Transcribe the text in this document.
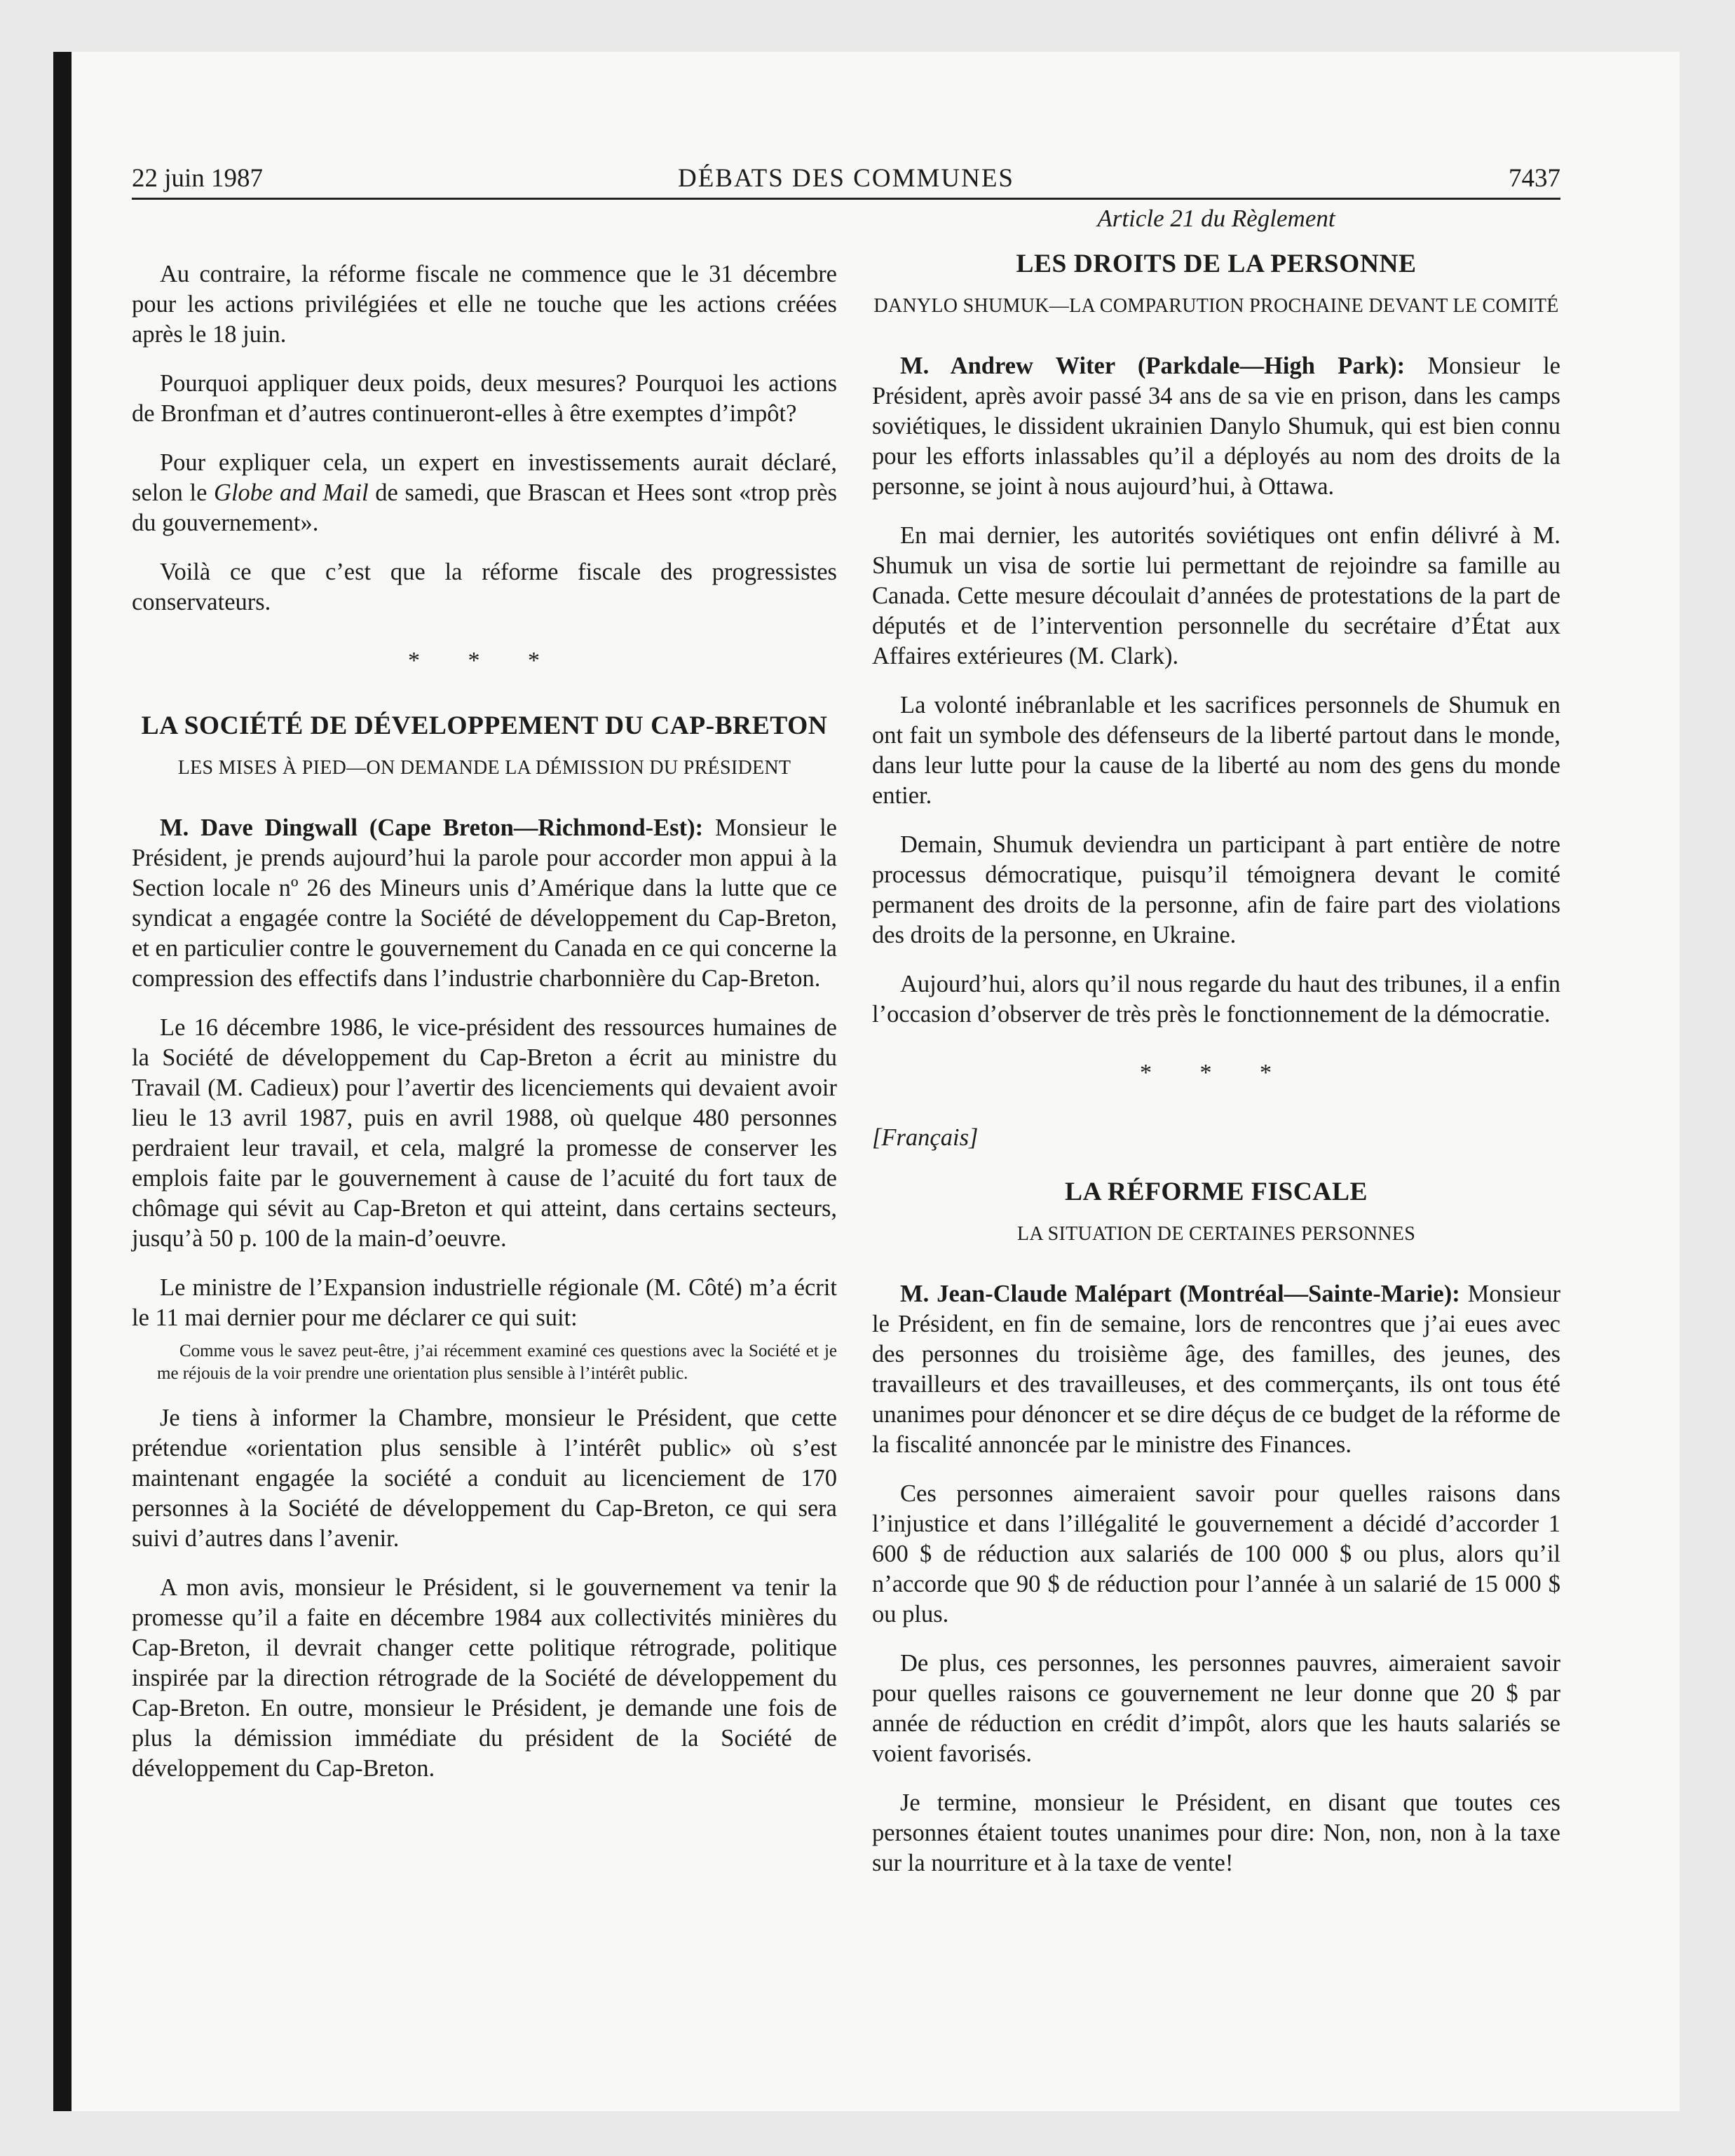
22 juin 1987	DÉBATS DES COMMUNES	7437

Au contraire, la réforme fiscale ne commence que le 31 décembre pour les actions privilégiées et elle ne touche que les actions créées après le 18 juin.

Pourquoi appliquer deux poids, deux mesures? Pourquoi les actions de Bronfman et d’autres continueront-elles à être exemptes d’impôt?

Pour expliquer cela, un expert en investissements aurait déclaré, selon le Globe and Mail de samedi, que Brascan et Hees sont «trop près du gouvernement».

Voilà ce que c’est que la réforme fiscale des progressistes conservateurs.

* * *
LA SOCIÉTÉ DE DÉVELOPPEMENT DU CAP-BRETON
LES MISES À PIED—ON DEMANDE LA DÉMISSION DU PRÉSIDENT

M. Dave Dingwall (Cape Breton—Richmond-Est): Monsieur le Président, je prends aujourd’hui la parole pour accorder mon appui à la Section locale nº 26 des Mineurs unis d’Amérique dans la lutte que ce syndicat a engagée contre la Société de développement du Cap-Breton, et en particulier contre le gouvernement du Canada en ce qui concerne la compression des effectifs dans l’industrie charbonnière du Cap-Breton.

Le 16 décembre 1986, le vice-président des ressources humaines de la Société de développement du Cap-Breton a écrit au ministre du Travail (M. Cadieux) pour l’avertir des licenciements qui devaient avoir lieu le 13 avril 1987, puis en avril 1988, où quelque 480 personnes perdraient leur travail, et cela, malgré la promesse de conserver les emplois faite par le gouvernement à cause de l’acuité du fort taux de chômage qui sévit au Cap-Breton et qui atteint, dans certains secteurs, jusqu’à 50 p. 100 de la main-d’oeuvre.

Le ministre de l’Expansion industrielle régionale (M. Côté) m’a écrit le 11 mai dernier pour me déclarer ce qui suit:

Comme vous le savez peut-être, j’ai récemment examiné ces questions avec la Société et je me réjouis de la voir prendre une orientation plus sensible à l’intérêt public.

Je tiens à informer la Chambre, monsieur le Président, que cette prétendue «orientation plus sensible à l’intérêt public» où s’est maintenant engagée la société a conduit au licenciement de 170 personnes à la Société de développement du Cap-Breton, ce qui sera suivi d’autres dans l’avenir.

A mon avis, monsieur le Président, si le gouvernement va tenir la promesse qu’il a faite en décembre 1984 aux collectivités minières du Cap-Breton, il devrait changer cette politique rétrograde, politique inspirée par la direction rétrograde de la Société de développement du Cap-Breton. En outre, monsieur le Président, je demande une fois de plus la démission immédiate du président de la Société de développement du Cap-Breton.

Article 21 du Règlement
LES DROITS DE LA PERSONNE
DANYLO SHUMUK—LA COMPARUTION PROCHAINE DEVANT LE COMITÉ

M. Andrew Witer (Parkdale—High Park): Monsieur le Président, après avoir passé 34 ans de sa vie en prison, dans les camps soviétiques, le dissident ukrainien Danylo Shumuk, qui est bien connu pour les efforts inlassables qu’il a déployés au nom des droits de la personne, se joint à nous aujourd’hui, à Ottawa.

En mai dernier, les autorités soviétiques ont enfin délivré à M. Shumuk un visa de sortie lui permettant de rejoindre sa famille au Canada. Cette mesure découlait d’années de protestations de la part de députés et de l’intervention personnelle du secrétaire d’État aux Affaires extérieures (M. Clark).

La volonté inébranlable et les sacrifices personnels de Shumuk en ont fait un symbole des défenseurs de la liberté partout dans le monde, dans leur lutte pour la cause de la liberté au nom des gens du monde entier.

Demain, Shumuk deviendra un participant à part entière de notre processus démocratique, puisqu’il témoignera devant le comité permanent des droits de la personne, afin de faire part des violations des droits de la personne, en Ukraine.

Aujourd’hui, alors qu’il nous regarde du haut des tribunes, il a enfin l’occasion d’observer de très près le fonctionnement de la démocratie.

* * *
[Français]
LA RÉFORME FISCALE
LA SITUATION DE CERTAINES PERSONNES

M. Jean-Claude Malépart (Montréal—Sainte-Marie): Monsieur le Président, en fin de semaine, lors de rencontres que j’ai eues avec des personnes du troisième âge, des familles, des jeunes, des travailleurs et des travailleuses, et des commerçants, ils ont tous été unanimes pour dénoncer et se dire déçus de ce budget de la réforme de la fiscalité annoncée par le ministre des Finances.

Ces personnes aimeraient savoir pour quelles raisons dans l’injustice et dans l’illégalité le gouvernement a décidé d’accorder 1 600 $ de réduction aux salariés de 100 000 $ ou plus, alors qu’il n’accorde que 90 $ de réduction pour l’année à un salarié de 15 000 $ ou plus.

De plus, ces personnes, les personnes pauvres, aimeraient savoir pour quelles raisons ce gouvernement ne leur donne que 20 $ par année de réduction en crédit d’impôt, alors que les hauts salariés se voient favorisés.

Je termine, monsieur le Président, en disant que toutes ces personnes étaient toutes unanimes pour dire: Non, non, non à la taxe sur la nourriture et à la taxe de vente!
